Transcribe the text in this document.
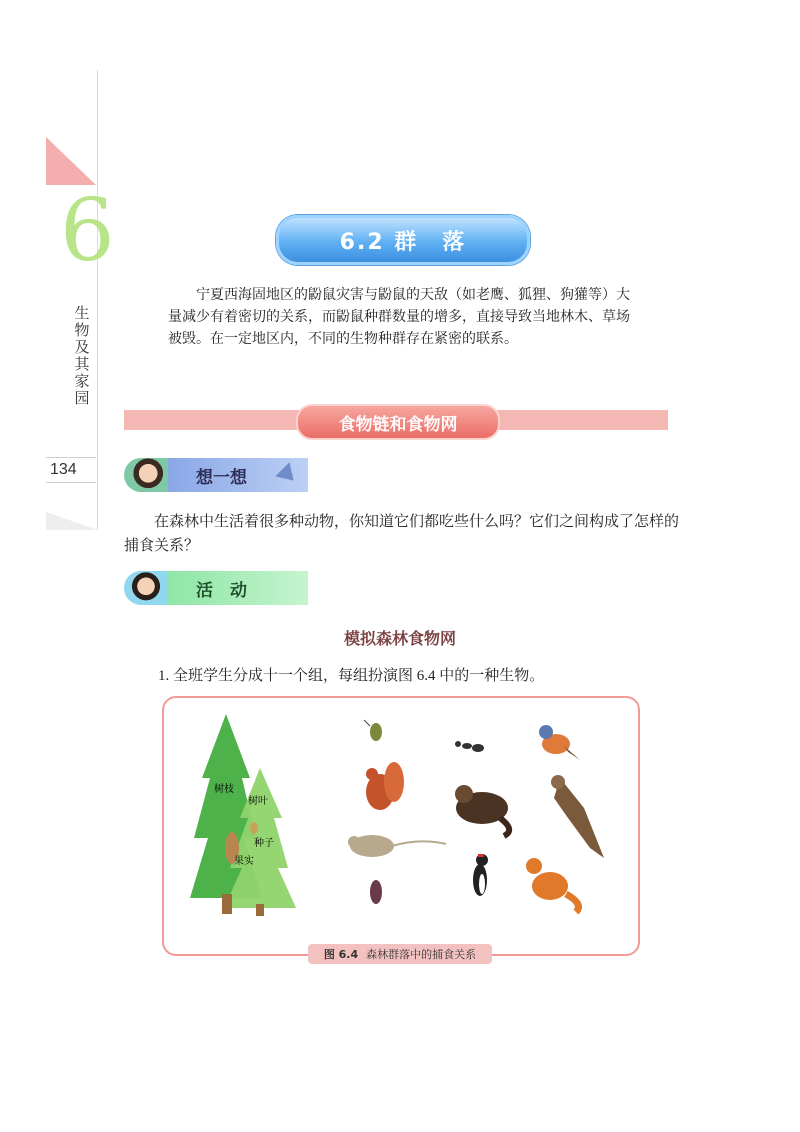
6
生物及其家园
134
6.2 群　落

宁夏西海固地区的鼢鼠灾害与鼢鼠的天敌（如老鹰、狐狸、狗獾等）大量减少有着密切的关系，而鼢鼠种群数量的增多，直接导致当地林木、草场被毁。在一定地区内，不同的生物种群存在紧密的联系。

食物链和食物网
想一想
在森林中生活着很多种动物，你知道它们都吃些什么吗？它们之间构成了怎样的捕食关系？
活　动
模拟森林食物网
1. 全班学生分成十一个组，每组扮演图 6.4 中的一种生物。
树枝
树叶
种子
果实
图 6.4 森林群落中的捕食关系
